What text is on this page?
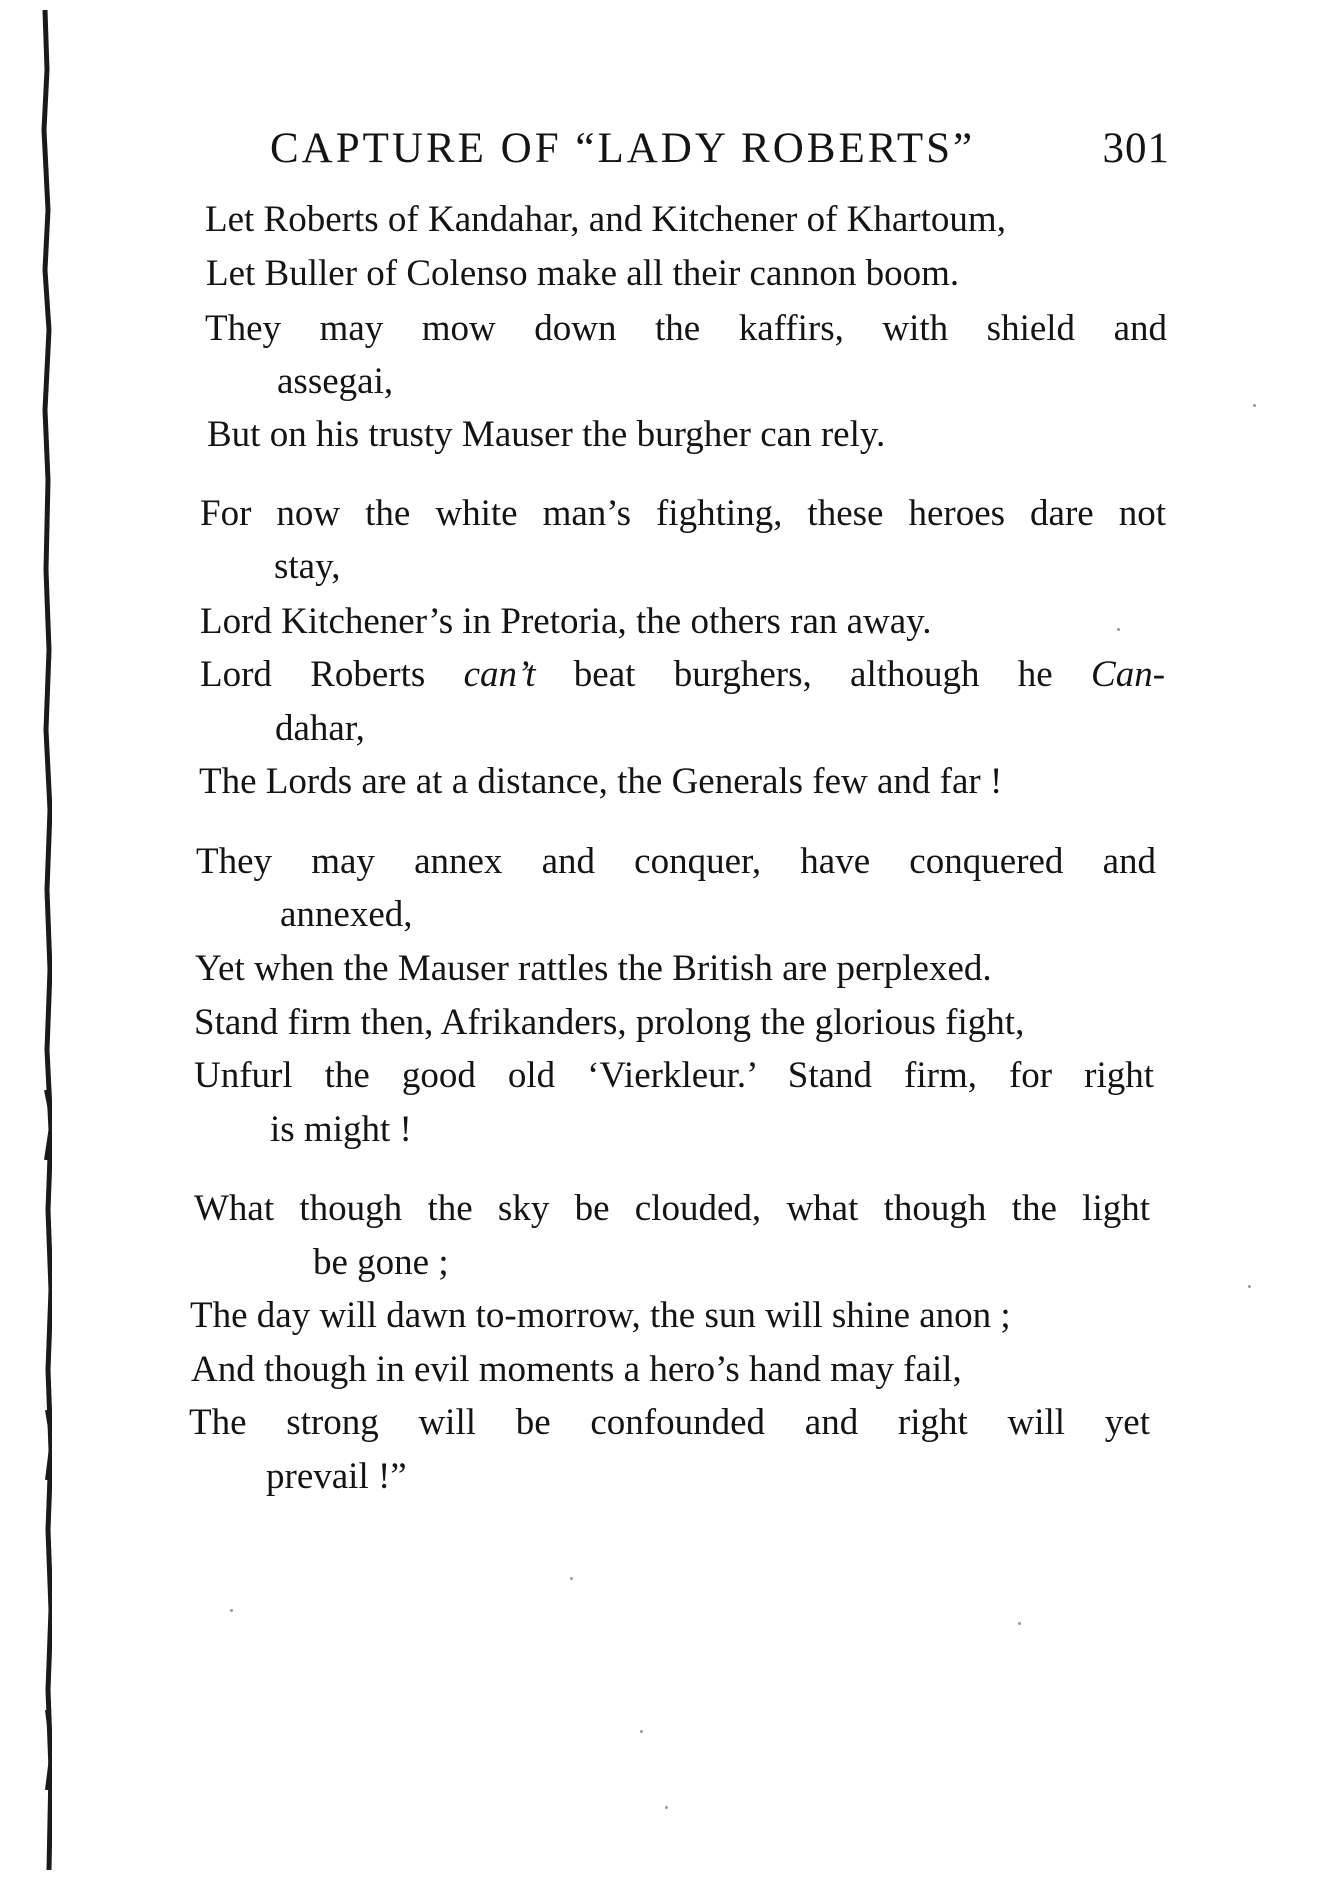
CAPTURE OF “LADY ROBERTS”	301
Let Roberts of Kandahar, and Kitchener of Khartoum,
Let Buller of Colenso make all their cannon boom.
They may mow down the kaffirs, with shield and
assegai,
But on his trusty Mauser the burgher can rely.
For now the white man’s fighting, these heroes dare not
stay,
Lord Kitchener’s in Pretoria, the others ran away.
Lord Roberts can’t beat burghers, although he Can-
dahar,
The Lords are at a distance, the Generals few and far !
They may annex and conquer, have conquered and
annexed,
Yet when the Mauser rattles the British are perplexed.
Stand firm then, Afrikanders, prolong the glorious fight,
Unfurl the good old ‘Vierkleur.’ Stand firm, for right
is might !
What though the sky be clouded, what though the light
be gone ;
The day will dawn to-morrow, the sun will shine anon ;
And though in evil moments a hero’s hand may fail,
The strong will be confounded and right will yet
prevail !”
